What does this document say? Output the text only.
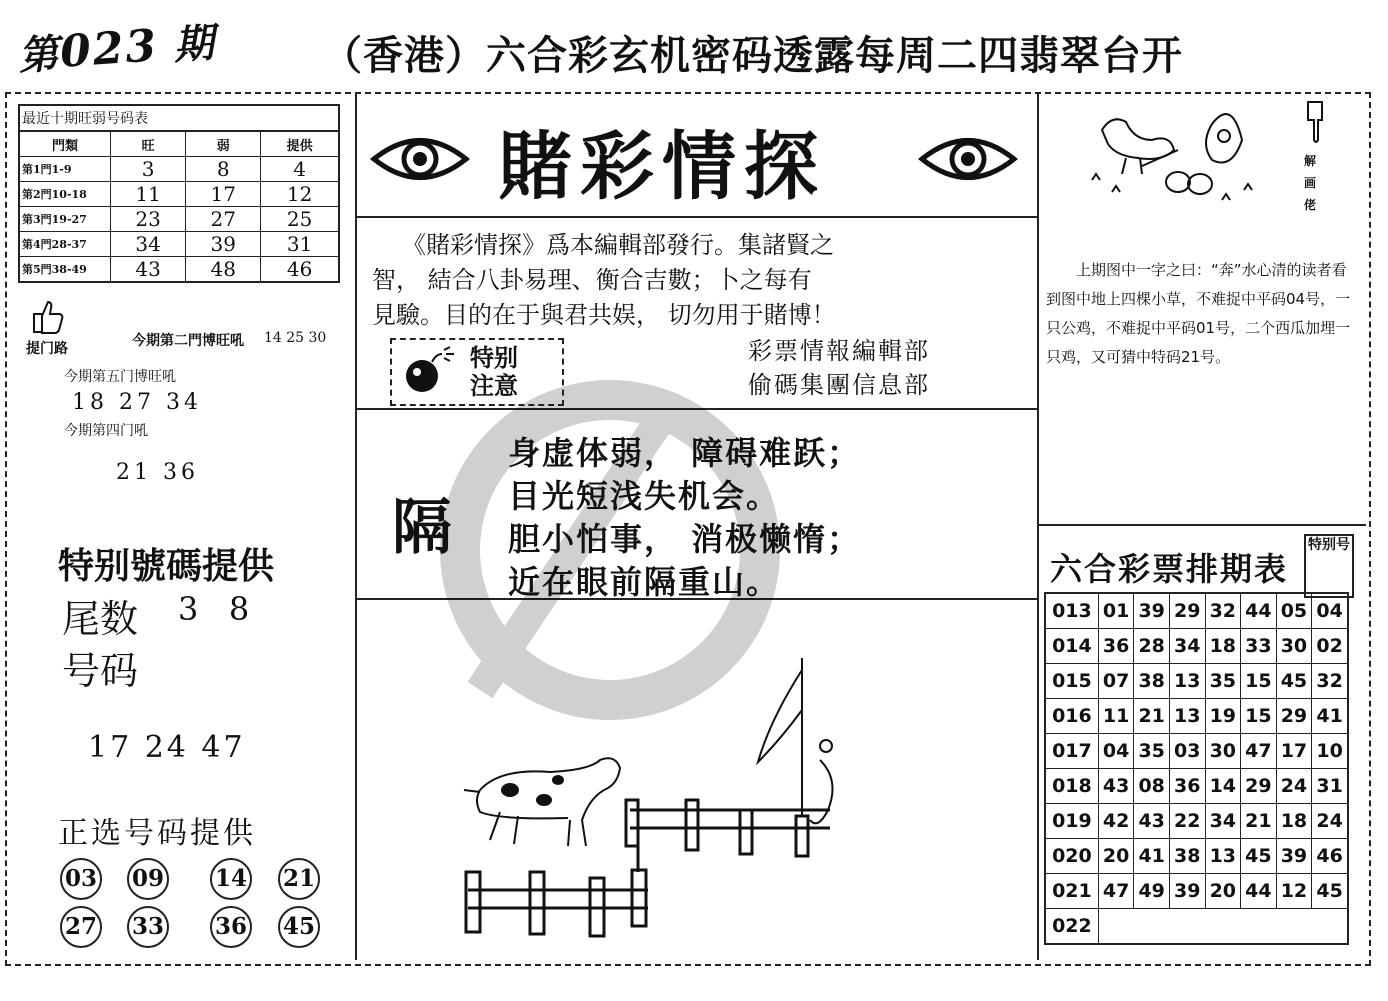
第023 期	（香港）六合彩玄机密码透露每周二四翡翠台开
最近十期旺弱号码表
門類	旺	弱	提供
第1門1-9	3	8	4
第2門10-18	11	17	12
第3門19-27	23	27	25
第4門28-37	34	39	31
第5門38-49	43	48	46
提门路	今期第二門博旺吼 14 25 30
今期第五门博旺吼
18 27 34
今期第四门吼
21 36
特别號碼提供
尾数 3   8
号码
17 24 47
正选号码提供
03 09 14 21
27 33 36 45
賭彩情探
《賭彩情探》爲本編輯部發行。集諸賢之
智， 結合八卦易理、衡合吉數；卜之每有
見驗。目的在于與君共娱， 切勿用于賭博！
特别
注意
彩票情報編輯部
偷碼集團信息部
隔
身虚体弱， 障碍难跃；
目光短浅失机会。
胆小怕事， 消极懒惰；
近在眼前隔重山。
解画佬
上期图中一字之曰：“奔”水心清的读者看到图中地上四棵小草，不难捉中平码04号，一只公鸡，不难捉中平码01号，二个西瓜加埋一只鸡，又可猜中特码21号。
六合彩票排期表
特别号
013	01	39	29	32	44	05	04
014	36	28	34	18	33	30	02
015	07	38	13	35	15	45	32
016	11	21	13	19	15	29	41
017	04	35	03	30	47	17	10
018	43	08	36	14	29	24	31
019	42	43	22	34	21	18	24
020	20	41	38	13	45	39	46
021	47	49	39	20	44	12	45
022							
